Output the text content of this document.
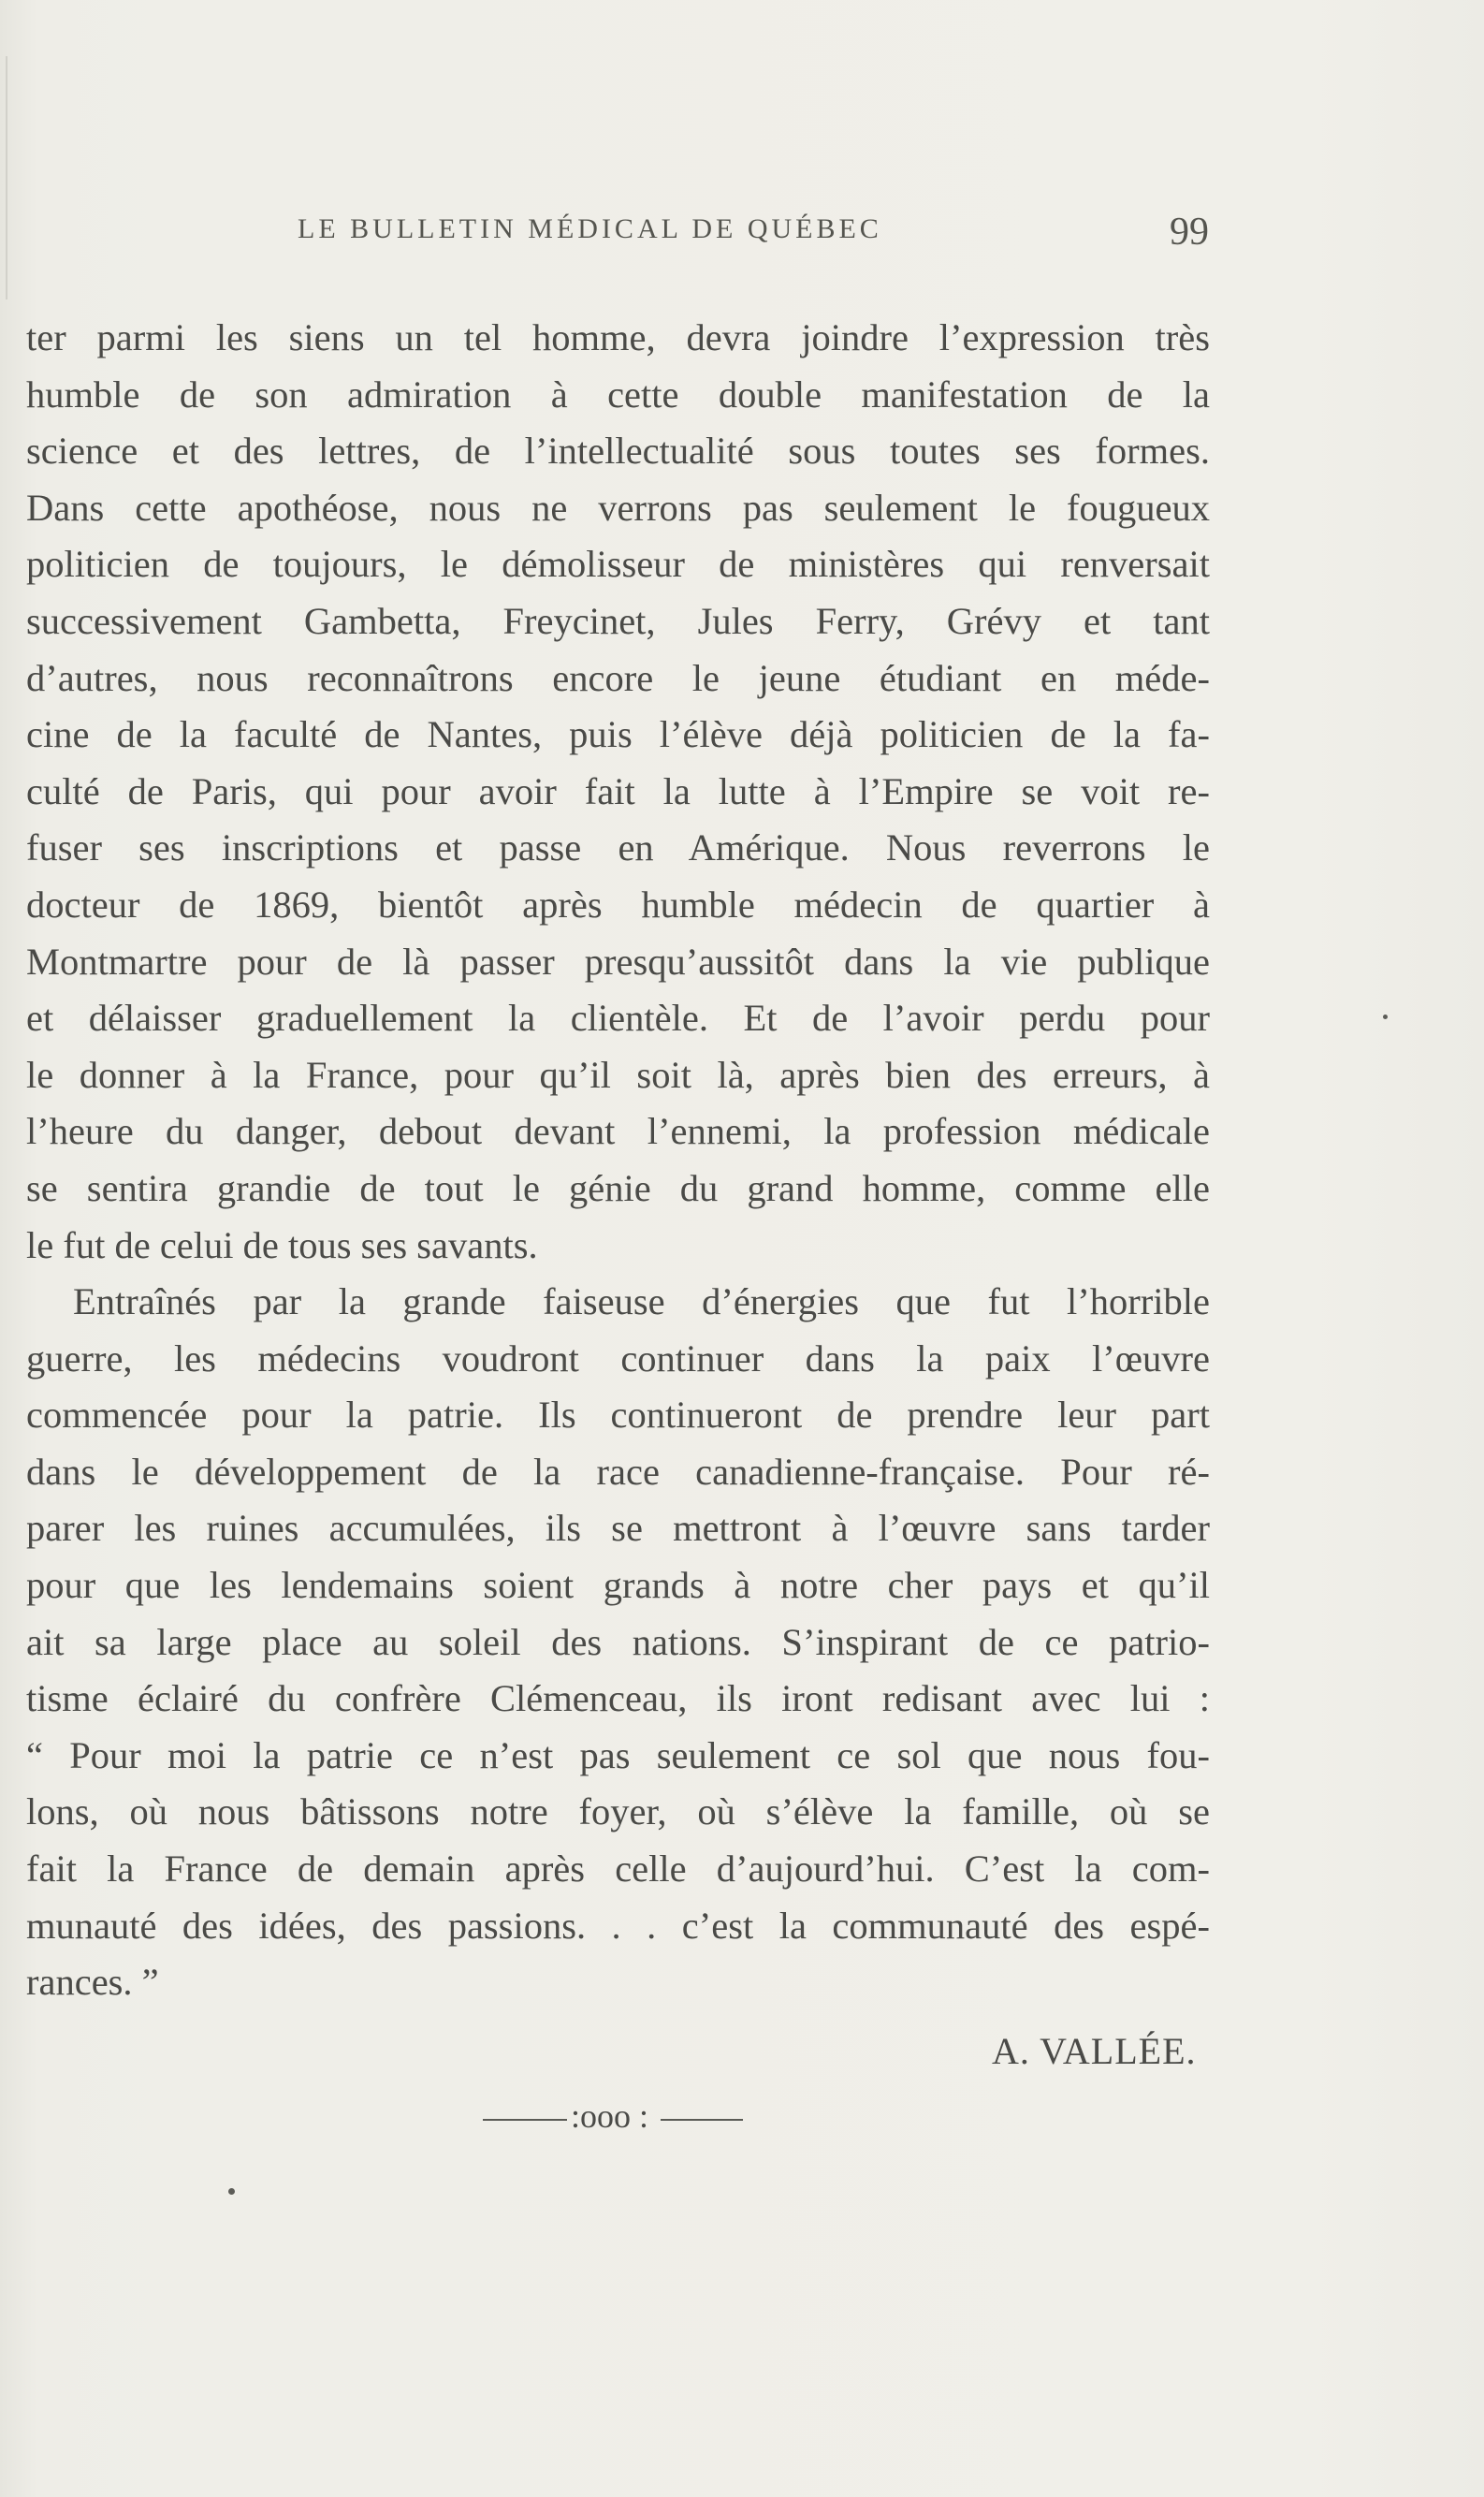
LE BULLETIN MÉDICAL DE QUÉBEC	99
ter parmi les siens un tel homme, devra joindre l’expression très
humble de son admiration à cette double manifestation de la
science et des lettres, de l’intellectualité sous toutes ses formes.
Dans cette apothéose, nous ne verrons pas seulement le fougueux
politicien de toujours, le démolisseur de ministères qui renversait
successivement Gambetta, Freycinet, Jules Ferry, Grévy et tant
d’autres, nous reconnaîtrons encore le jeune étudiant en méde-
cine de la faculté de Nantes, puis l’élève déjà politicien de la fa-
culté de Paris, qui pour avoir fait la lutte à l’Empire se voit re-
fuser ses inscriptions et passe en Amérique. Nous reverrons le
docteur de 1869, bientôt après humble médecin de quartier à
Montmartre pour de là passer presqu’aussitôt dans la vie publique
et délaisser graduellement la clientèle. Et de l’avoir perdu pour
le donner à la France, pour qu’il soit là, après bien des erreurs, à
l’heure du danger, debout devant l’ennemi, la profession médicale
se sentira grandie de tout le génie du grand homme, comme elle
le fut de celui de tous ses savants.
Entraînés par la grande faiseuse d’énergies que fut l’horrible
guerre, les médecins voudront continuer dans la paix l’œuvre
commencée pour la patrie. Ils continueront de prendre leur part
dans le développement de la race canadienne-française. Pour ré-
parer les ruines accumulées, ils se mettront à l’œuvre sans tarder
pour que les lendemains soient grands à notre cher pays et qu’il
ait sa large place au soleil des nations. S’inspirant de ce patrio-
tisme éclairé du confrère Clémenceau, ils iront redisant avec lui :
“ Pour moi la patrie ce n’est pas seulement ce sol que nous fou-
lons, où nous bâtissons notre foyer, où s’élève la famille, où se
fait la France de demain après celle d’aujourd’hui. C’est la com-
munauté des idées, des passions. . . c’est la communauté des espé-
rances. ”
A. VALLÉE.
:ooo :
